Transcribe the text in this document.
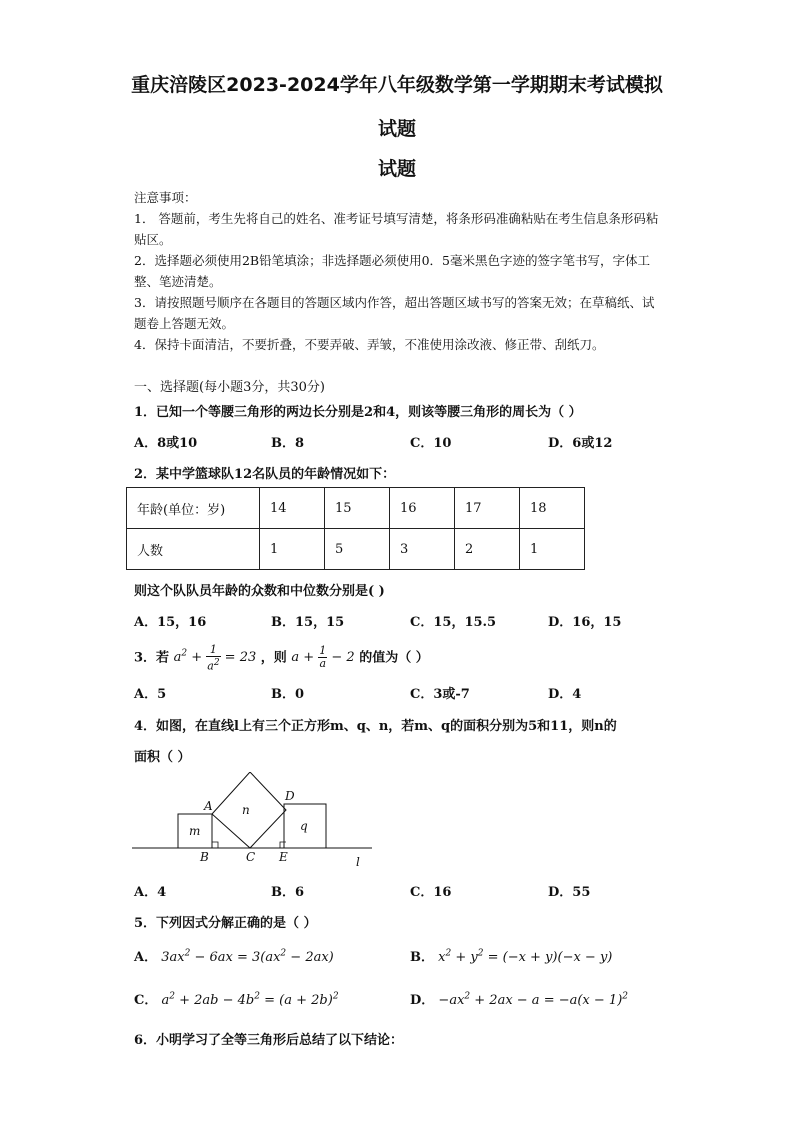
重庆涪陵区2023-2024学年八年级数学第一学期期末考试模拟
试题
试题

注意事项：

1． 答题前，考生先将自己的姓名、准考证号填写清楚，将条形码准确粘贴在考生信息条形码粘贴区。

2．选择题必须使用2B铅笔填涂；非选择题必须使用0．5毫米黑色字迹的签字笔书写，字体工整、笔迹清楚。

3．请按照题号顺序在各题目的答题区域内作答，超出答题区域书写的答案无效；在草稿纸、试题卷上答题无效。

4．保持卡面清洁，不要折叠，不要弄破、弄皱，不准使用涂改液、修正带、刮纸刀。

一、选择题(每小题3分，共30分)
1．已知一个等腰三角形的两边长分别是2和4，则该等腰三角形的周长为（ ）
A．8或10	B．8	C．10	D．6或12
2．某中学篮球队12名队员的年龄情况如下：
年龄(单位：岁)	14	15	16	17	18
人数	1	5	3	2	1
则这个队队员年龄的众数和中位数分别是( )
A．15，16	B．15，15	C．15，15.5	D．16，15
3．若 $a^2 + \frac{1}{a^2} = 23$ ，则 $a + \frac{1}{a} - 2$ 的值为（ ）
A．5	B．0	C．3或-7	D．4
4．如图，在直线l上有三个正方形m、q、n，若m、q的面积分别为5和11，则n的
面积（ ）
A
D
n
m	q
B	C E	l
A．4	B．6	C．16	D．55
5．下列因式分解正确的是（ ）
A． $3ax^2 - 6ax = 3(ax^2 - 2ax)$	B． $x^2 + y^2 = (-x + y)(-x - y)$
C． $a^2 + 2ab - 4b^2 = (a + 2b)^2$	D． $-ax^2 + 2ax - a = -a(x - 1)^2$
6．小明学习了全等三角形后总结了以下结论：
